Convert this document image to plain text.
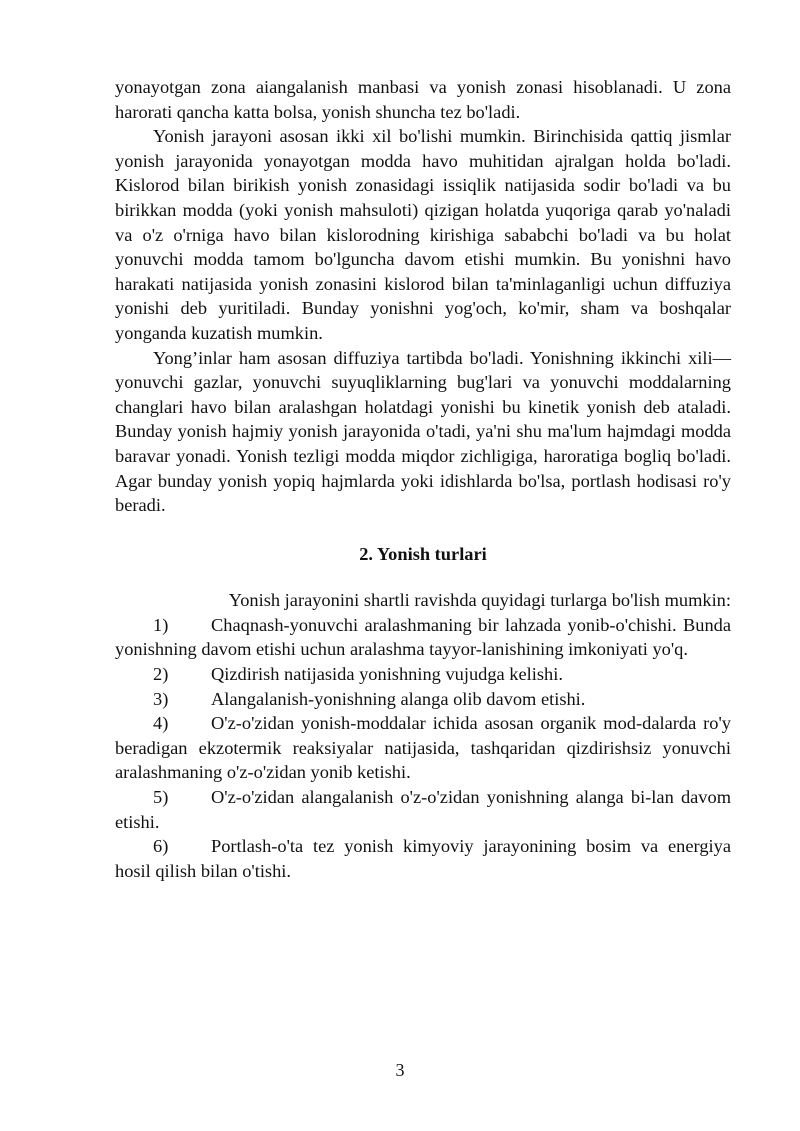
yonayotgan zona aiangalanish manbasi va yonish zonasi hisoblanadi. U zona harorati qancha katta bolsa, yonish shuncha tez bo'ladi.

Yonish jarayoni asosan ikki xil bo'lishi mumkin. Birinchisida qattiq jismlar yonish jarayonida yonayotgan modda havo muhitidan ajralgan holda bo'ladi. Kislorod bilan birikish yonish zonasidagi issiqlik natijasida sodir bo'ladi va bu birikkan modda (yoki yonish mahsuloti) qizigan holatda yuqoriga qarab yo'naladi va o'z o'rniga havo bilan kislorodning kirishiga sababchi bo'ladi va bu holat yonuvchi modda tamom bo'lguncha davom etishi mumkin. Bu yonishni havo harakati natijasida yonish zonasini kislorod bilan ta'minlaganligi uchun diffuziya yonishi deb yuritiladi. Bunday yonishni yog'och, ko'mir, sham va boshqalar yonganda kuzatish mumkin.

Yong’inlar ham asosan diffuziya tartibda bo'ladi. Yonishning ikkinchi xili—yonuvchi gazlar, yonuvchi suyuqliklarning bug'lari va yonuvchi moddalarning changlari havo bilan aralashgan holatdagi yonishi bu kinetik yonish deb ataladi. Bunday yonish hajmiy yonish jarayonida o'tadi, ya'ni shu ma'lum hajmdagi modda baravar yonadi. Yonish tezligi modda miqdor zichligiga, haroratiga bogliq bo'ladi. Agar bunday yonish yopiq hajmlarda yoki idishlarda bo'lsa, portlash hodisasi ro'y beradi.

2. Yonish turlari

Yonish jarayonini shartli ravishda quyidagi turlarga bo'lish mumkin:

1) Chaqnash-yonuvchi aralashmaning bir lahzada yonib-o'chishi. Bunda yonishning davom etishi uchun aralashma tayyor-lanishining imkoniyati yo'q.

2) Qizdirish natijasida yonishning vujudga kelishi.

3) Alangalanish-yonishning alanga olib davom etishi.

4) O'z-o'zidan yonish-moddalar ichida asosan organik mod-dalarda ro'y beradigan ekzotermik reaksiyalar natijasida, tashqaridan qizdirishsiz yonuvchi aralashmaning o'z-o'zidan yonib ketishi.

5) O'z-o'zidan alangalanish o'z-o'zidan yonishning alanga bi-lan davom etishi.

6) Portlash-o'ta tez yonish kimyoviy jarayonining bosim va energiya hosil qilish bilan o'tishi.

3
